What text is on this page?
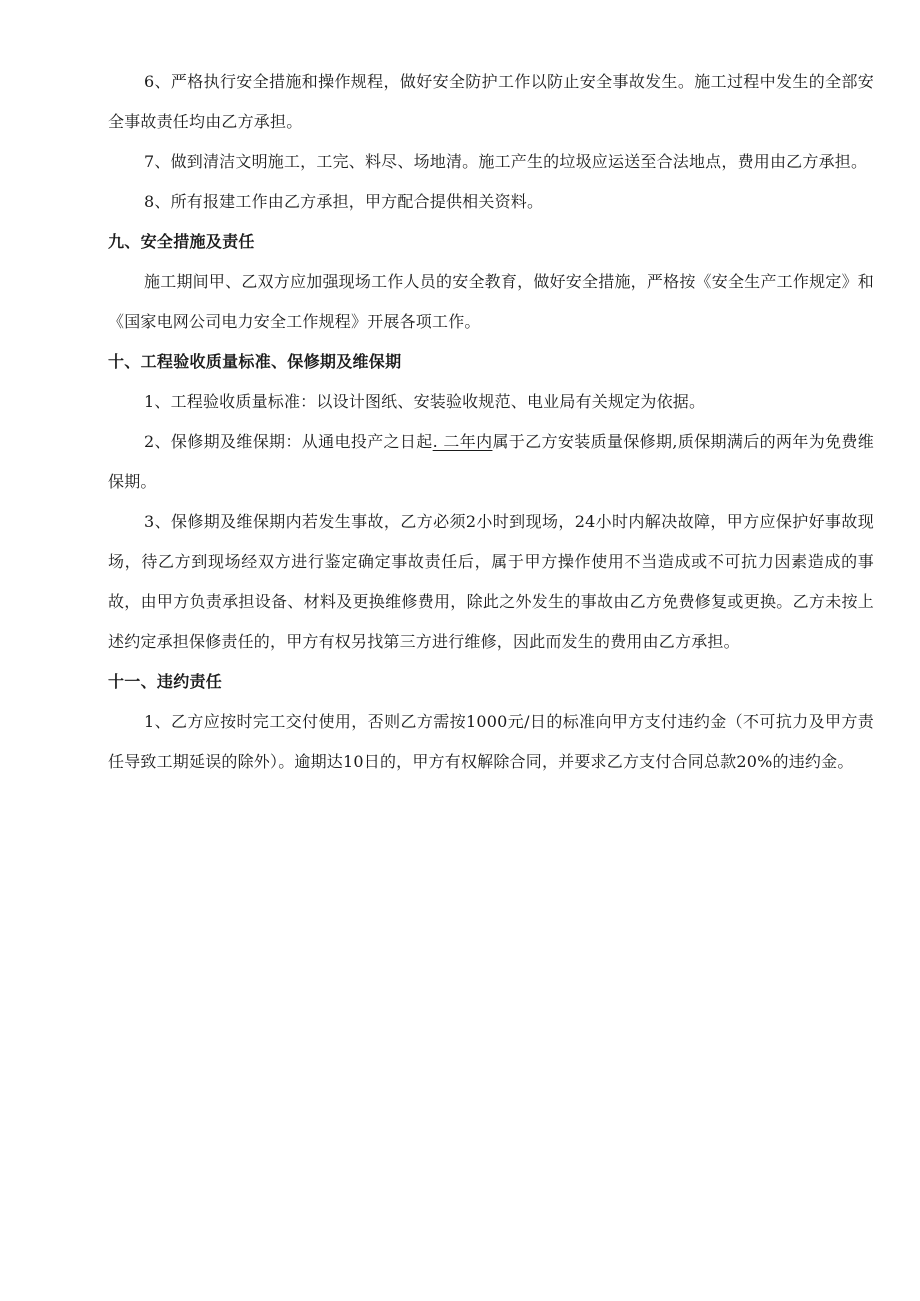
6、严格执行安全措施和操作规程，做好安全防护工作以防止安全事故发生。施工过程中发生的全部安全事故责任均由乙方承担。

7、做到清洁文明施工，工完、料尽、场地清。施工产生的垃圾应运送至合法地点，费用由乙方承担。

8、所有报建工作由乙方承担，甲方配合提供相关资料。

九、安全措施及责任

施工期间甲、乙双方应加强现场工作人员的安全教育，做好安全措施，严格按《安全生产工作规定》和《国家电网公司电力安全工作规程》开展各项工作。

十、工程验收质量标准、保修期及维保期

1、工程验收质量标准：以设计图纸、安装验收规范、电业局有关规定为依据。

2、保修期及维保期：从通电投产之日起. 二年内属于乙方安装质量保修期,质保期满后的两年为免费维保期。

3、保修期及维保期内若发生事故，乙方必须2小时到现场，24小时内解决故障，甲方应保护好事故现场，待乙方到现场经双方进行鉴定确定事故责任后，属于甲方操作使用不当造成或不可抗力因素造成的事故，由甲方负责承担设备、材料及更换维修费用，除此之外发生的事故由乙方免费修复或更换。乙方未按上述约定承担保修责任的，甲方有权另找第三方进行维修，因此而发生的费用由乙方承担。

十一、违约责任

1、乙方应按时完工交付使用，否则乙方需按1000元/日的标准向甲方支付违约金（不可抗力及甲方责任导致工期延误的除外）。逾期达10日的，甲方有权解除合同，并要求乙方支付合同总款20%的违约金。
